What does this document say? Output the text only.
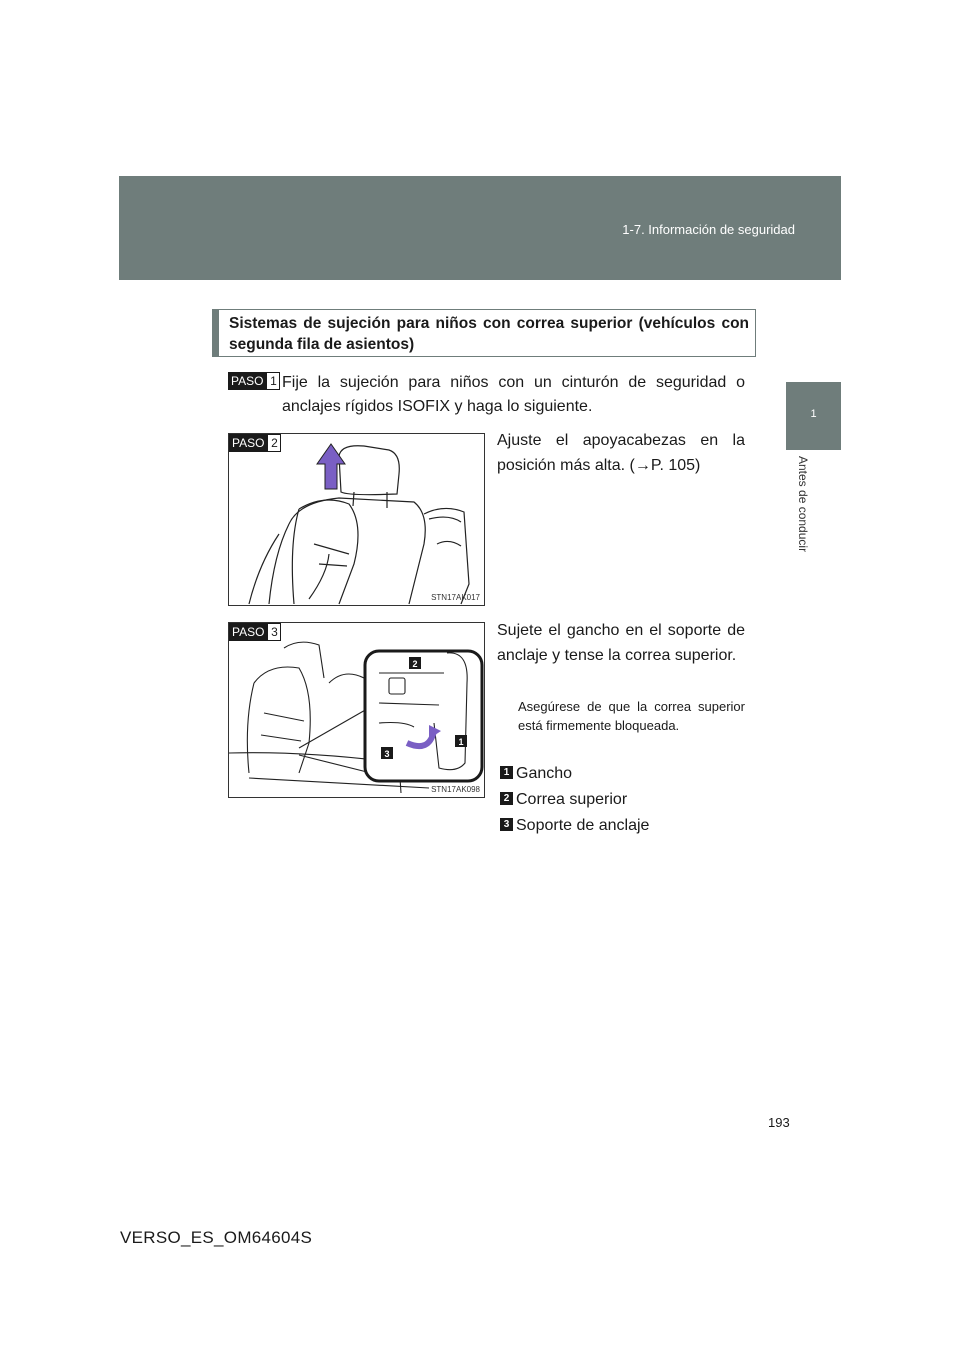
1-7. Información de seguridad
1
Antes de conducir
Sistemas de sujeción para niños con correa superior (vehículos con segunda fila de asientos)
PASO 1 Fije la sujeción para niños con un cinturón de seguridad o anclajes rígidos ISOFIX y haga lo siguiente.
PASO 2
STN17AK017
Ajuste el apoyacabezas en la posición más alta. (→P. 105)
2
1
3
PASO 3
STN17AK098
Sujete el gancho en el soporte de anclaje y tense la correa superior.
Asegúrese de que la correa superior está firmemente bloqueada.
1 Gancho
2 Correa superior
3 Soporte de anclaje
193
VERSO_ES_OM64604S
